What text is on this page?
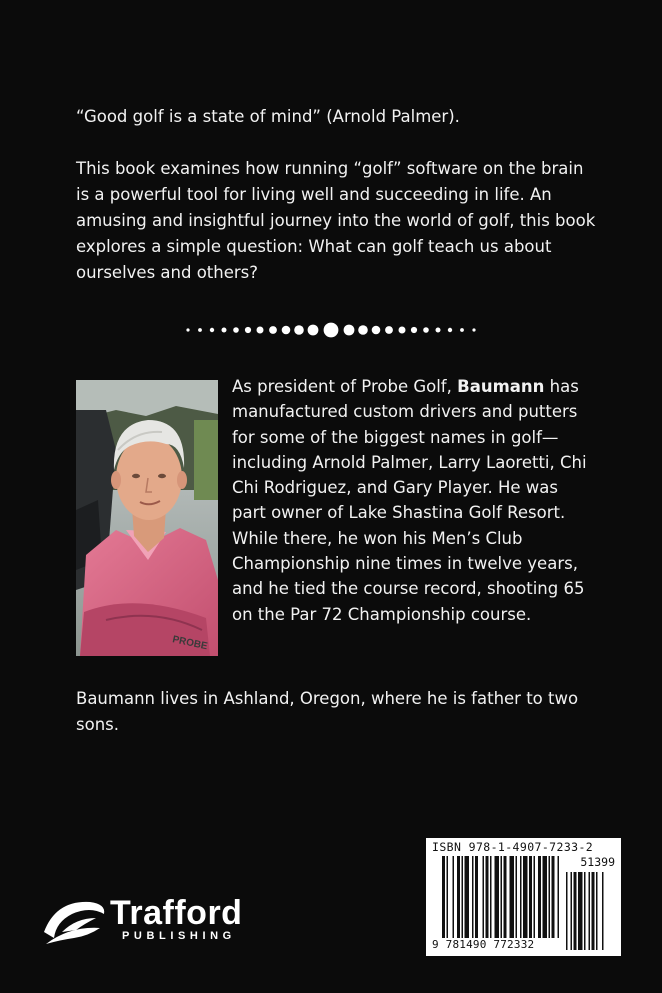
“Good golf is a state of mind” (Arnold Palmer).

This book examines how running “golf” software on the brain is a powerful tool for living well and succeeding in life. An amusing and insightful journey into the world of golf, this book explores a simple question: What can golf teach us about ourselves and others?

PROBE

As president of Probe Golf, Baumann has manufactured custom drivers and putters for some of the biggest names in golf—including Arnold Palmer, Larry Laoretti, Chi Chi Rodriguez, and Gary Player. He was part owner of Lake Shastina Golf Resort. While there, he won his Men’s Club Championship nine times in twelve years, and he tied the course record, shooting 65 on the Par 72 Championship course.

Baumann lives in Ashland, Oregon, where he is father to two sons.

Trafford
PUBLISHING
ISBN 978-1-4907-7233-2
51399
9 781490 772332
